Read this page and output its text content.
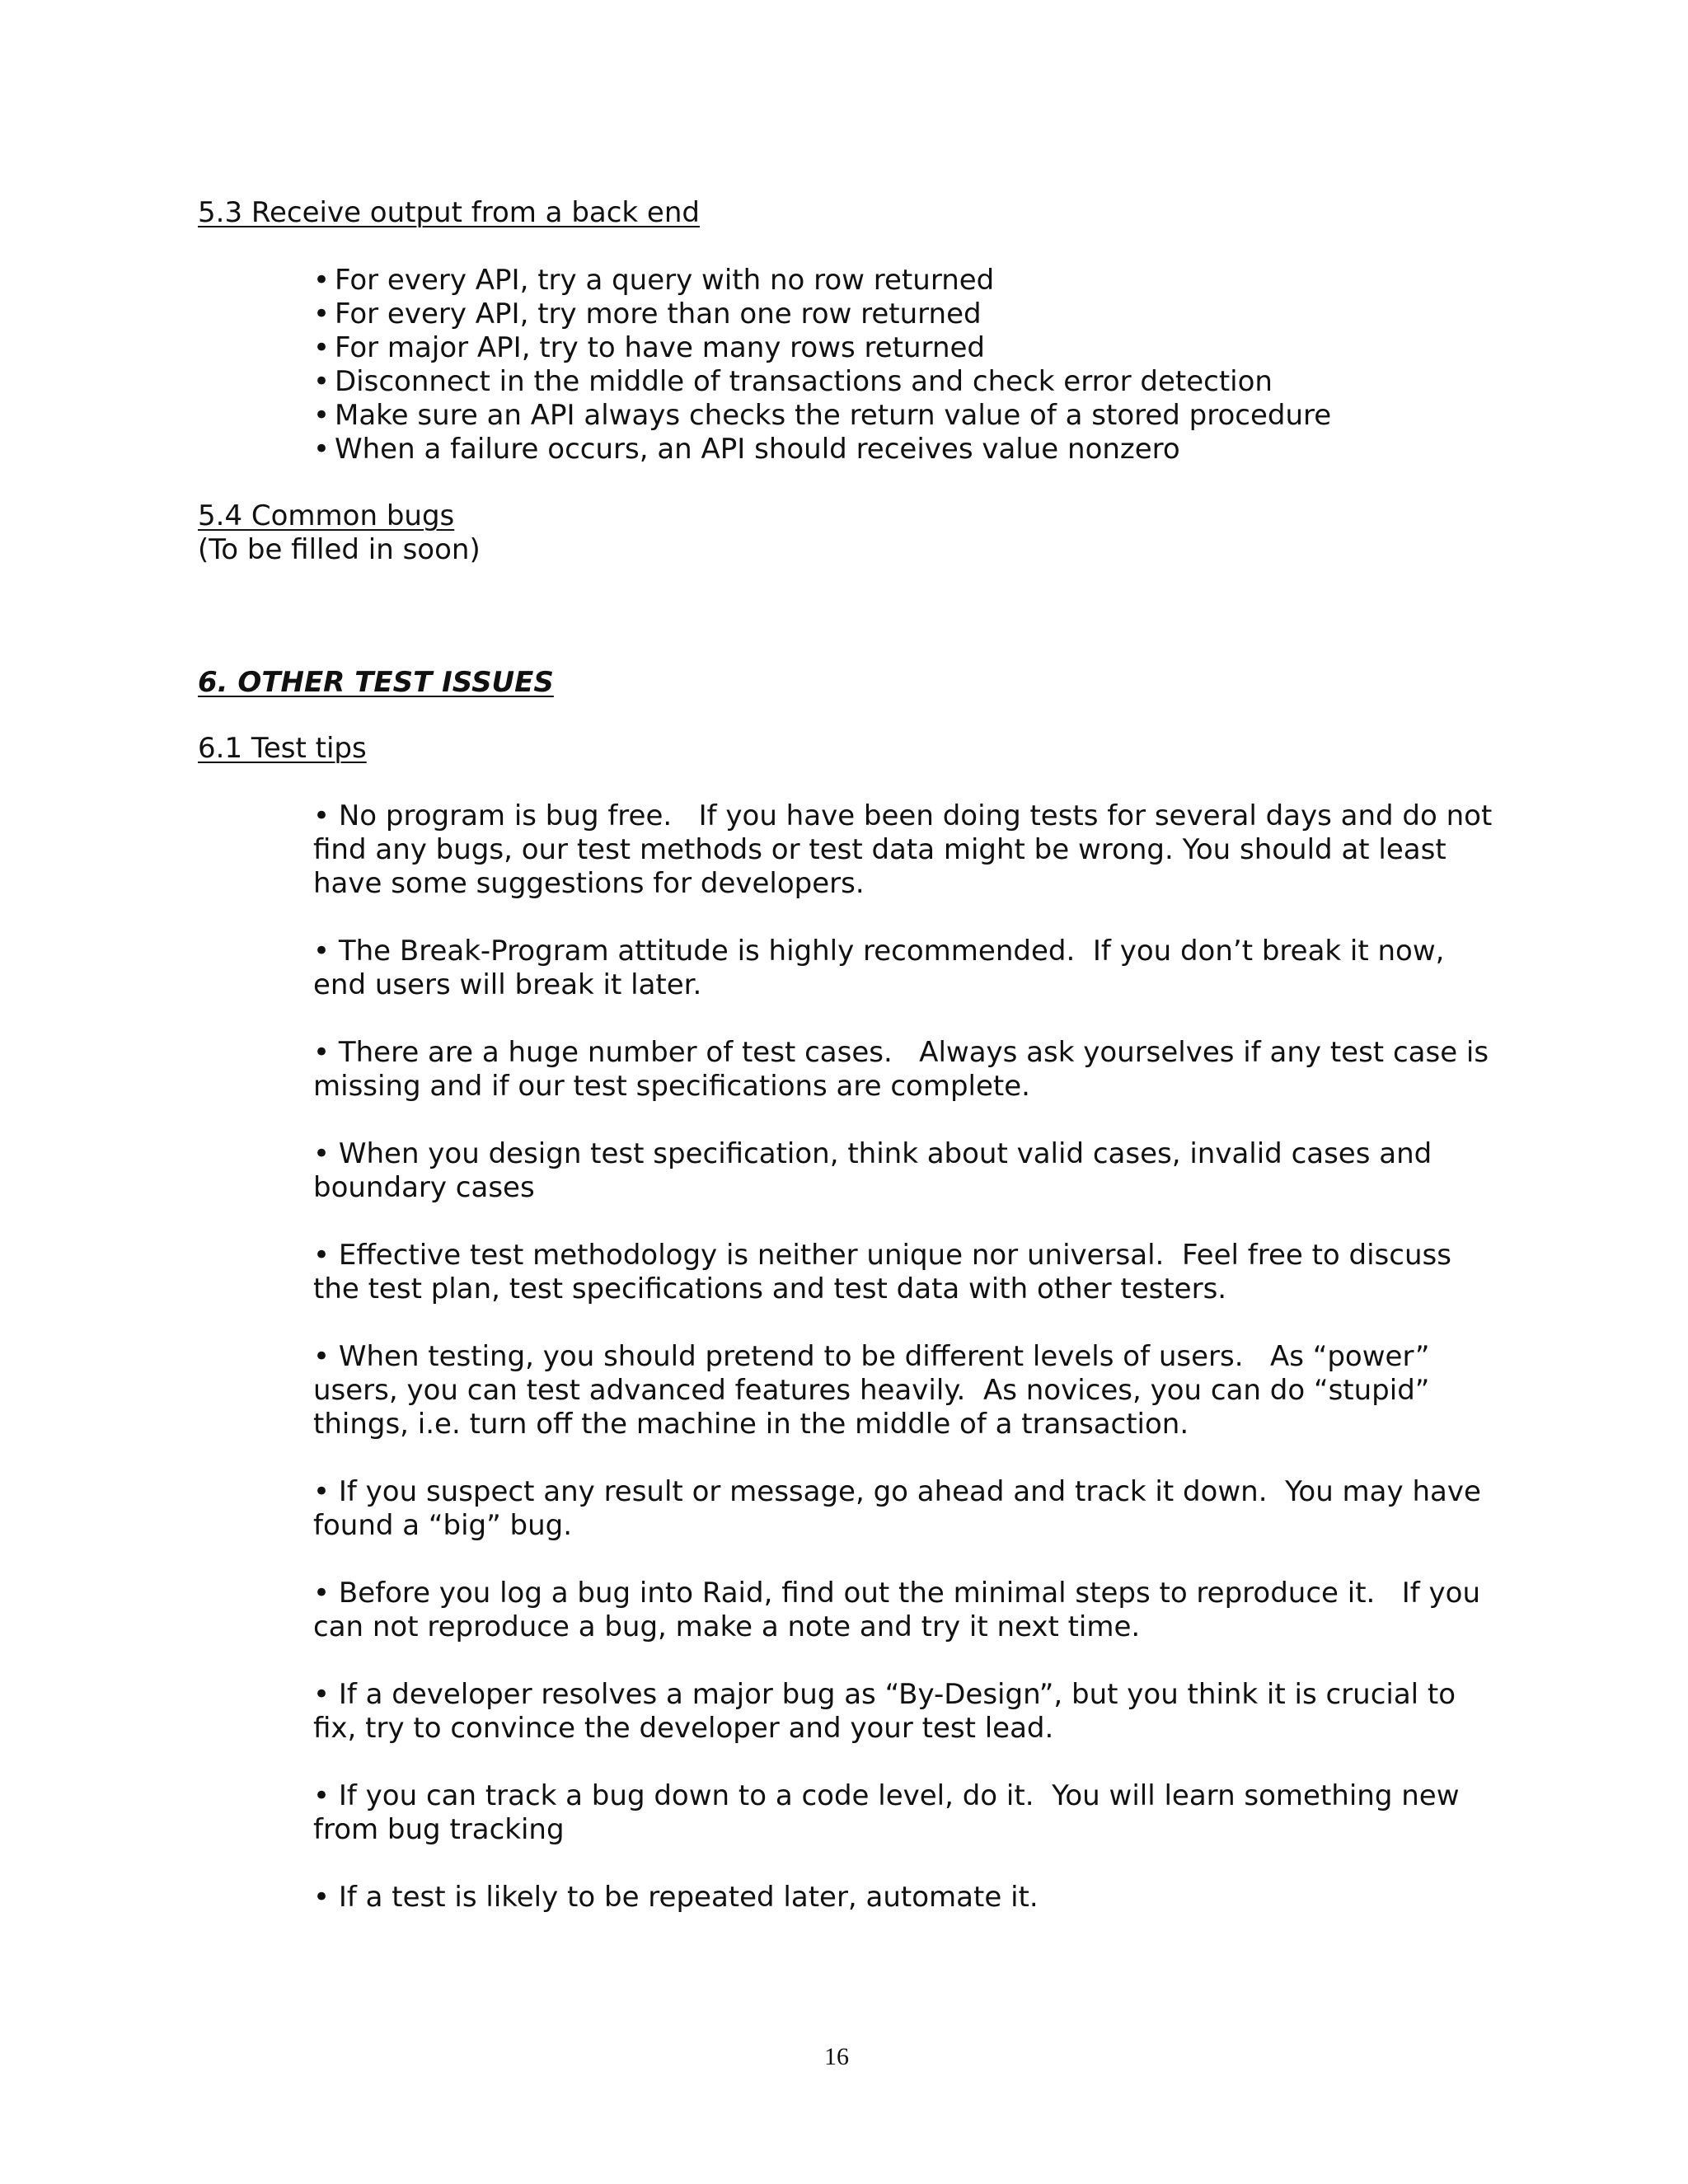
5.3 Receive output from a back end

• For every API, try a query with no row returned
• For every API, try more than one row returned
• For major API, try to have many rows returned
• Disconnect in the middle of transactions and check error detection
• Make sure an API always checks the return value of a stored procedure
• When a failure occurs, an API should receives value nonzero

5.4 Common bugs

(To be filled in soon)

6. OTHER TEST ISSUES

6.1 Test tips

• No program is bug free.   If you have been doing tests for several days and do not find any bugs, our test methods or test data might be wrong. You should at least have some suggestions for developers.
• The Break-Program attitude is highly recommended.  If you don’t break it now, end users will break it later.
• There are a huge number of test cases.   Always ask yourselves if any test case is missing and if our test specifications are complete.
• When you design test specification, think about valid cases, invalid cases and boundary cases
• Effective test methodology is neither unique nor universal.  Feel free to discuss the test plan, test specifications and test data with other testers.
• When testing, you should pretend to be different levels of users.   As “power” users, you can test advanced features heavily.  As novices, you can do “stupid” things, i.e. turn off the machine in the middle of a transaction.
• If you suspect any result or message, go ahead and track it down.  You may have found a “big” bug.
• Before you log a bug into Raid, find out the minimal steps to reproduce it.   If you can not reproduce a bug, make a note and try it next time.
• If a developer resolves a major bug as “By-Design”, but you think it is crucial to fix, try to convince the developer and your test lead.
• If you can track a bug down to a code level, do it.  You will learn something new from bug tracking
• If a test is likely to be repeated later, automate it.
16
